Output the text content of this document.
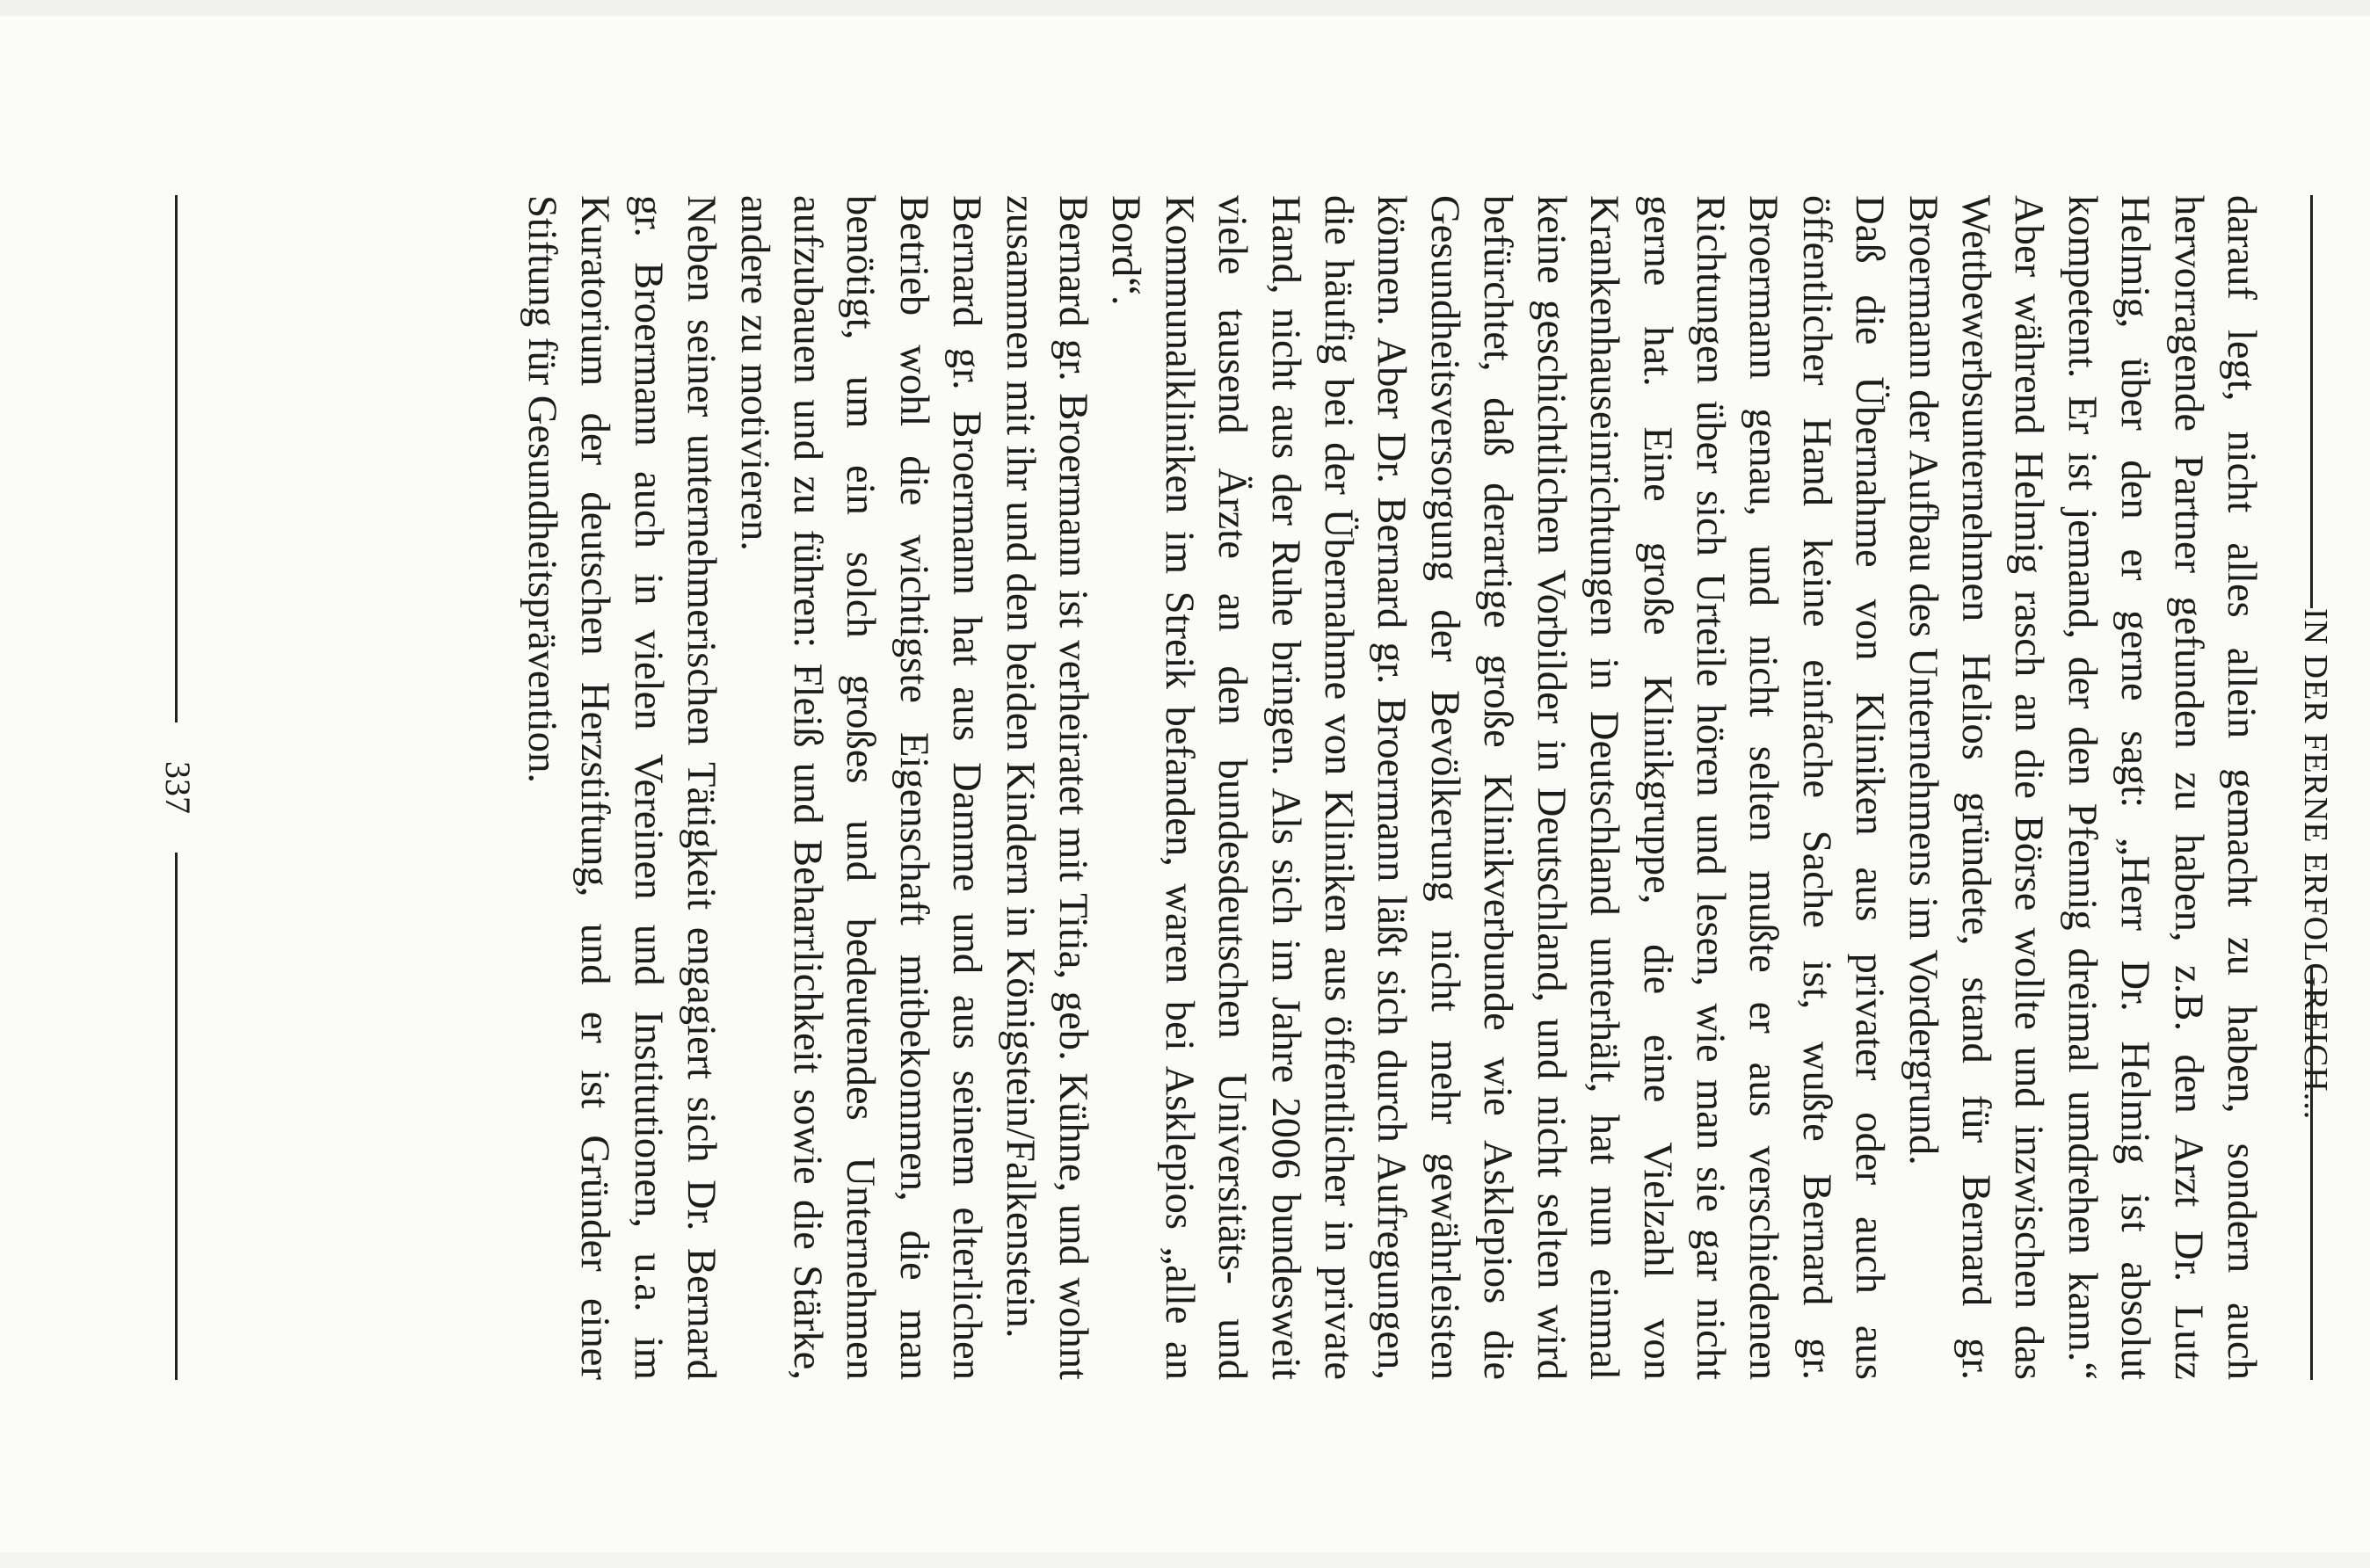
IN DER FERNE ERFOLGREICH...

darauf legt, nicht alles allein gemacht zu haben, sondern auch hervorragende Partner gefunden zu haben, z.B. den Arzt Dr. Lutz Helmig, über den er gerne sagt: „Herr Dr. Helmig ist absolut kompetent. Er ist jemand, der den Pfennig dreimal umdrehen kann.“ Aber während Helmig rasch an die Börse wollte und inzwischen das Wettbewerbsunternehmen Helios gründete, stand für Bernard gr. Broermann der Aufbau des Unternehmens im Vordergrund.

Daß die Übernahme von Kliniken aus privater oder auch aus öffentlicher Hand keine einfache Sache ist, wußte Bernard gr. Broermann genau, und nicht selten mußte er aus verschiedenen Richtungen über sich Urteile hören und lesen, wie man sie gar nicht gerne hat. Eine große Klinikgruppe, die eine Vielzahl von Krankenhauseinrichtungen in Deutschland unterhält, hat nun einmal keine geschichtlichen Vorbilder in Deutschland, und nicht selten wird befürchtet, daß derartige große Klinikverbunde wie Asklepios die Gesundheitsversorgung der Bevölkerung nicht mehr gewährleisten können. Aber Dr. Bernard gr. Broermann läßt sich durch Aufregungen, die häufig bei der Übernahme von Kliniken aus öffentlicher in private Hand, nicht aus der Ruhe bringen. Als sich im Jahre 2006 bundesweit viele tausend Ärzte an den bundesdeutschen Universitäts- und Kommunalkliniken im Streik befanden, waren bei Asklepios „alle an Bord“.

Bernard gr. Broermann ist verheiratet mit Titia, geb. Kühne, und wohnt zusammen mit ihr und den beiden Kindern in Königstein/Falkenstein.

Bernard gr. Broermann hat aus Damme und aus seinem elterlichen Betrieb wohl die wichtigste Eigenschaft mitbekommen, die man benötigt, um ein solch großes und bedeutendes Unternehmen aufzubauen und zu führen: Fleiß und Beharrlichkeit sowie die Stärke, andere zu motivieren.

Neben seiner unternehmerischen Tätigkeit engagiert sich Dr. Bernard gr. Broermann auch in vielen Vereinen und Institutionen, u.a. im Kuratorium der deutschen Herzstiftung, und er ist Gründer einer Stiftung für Gesundheitsprävention.

337
